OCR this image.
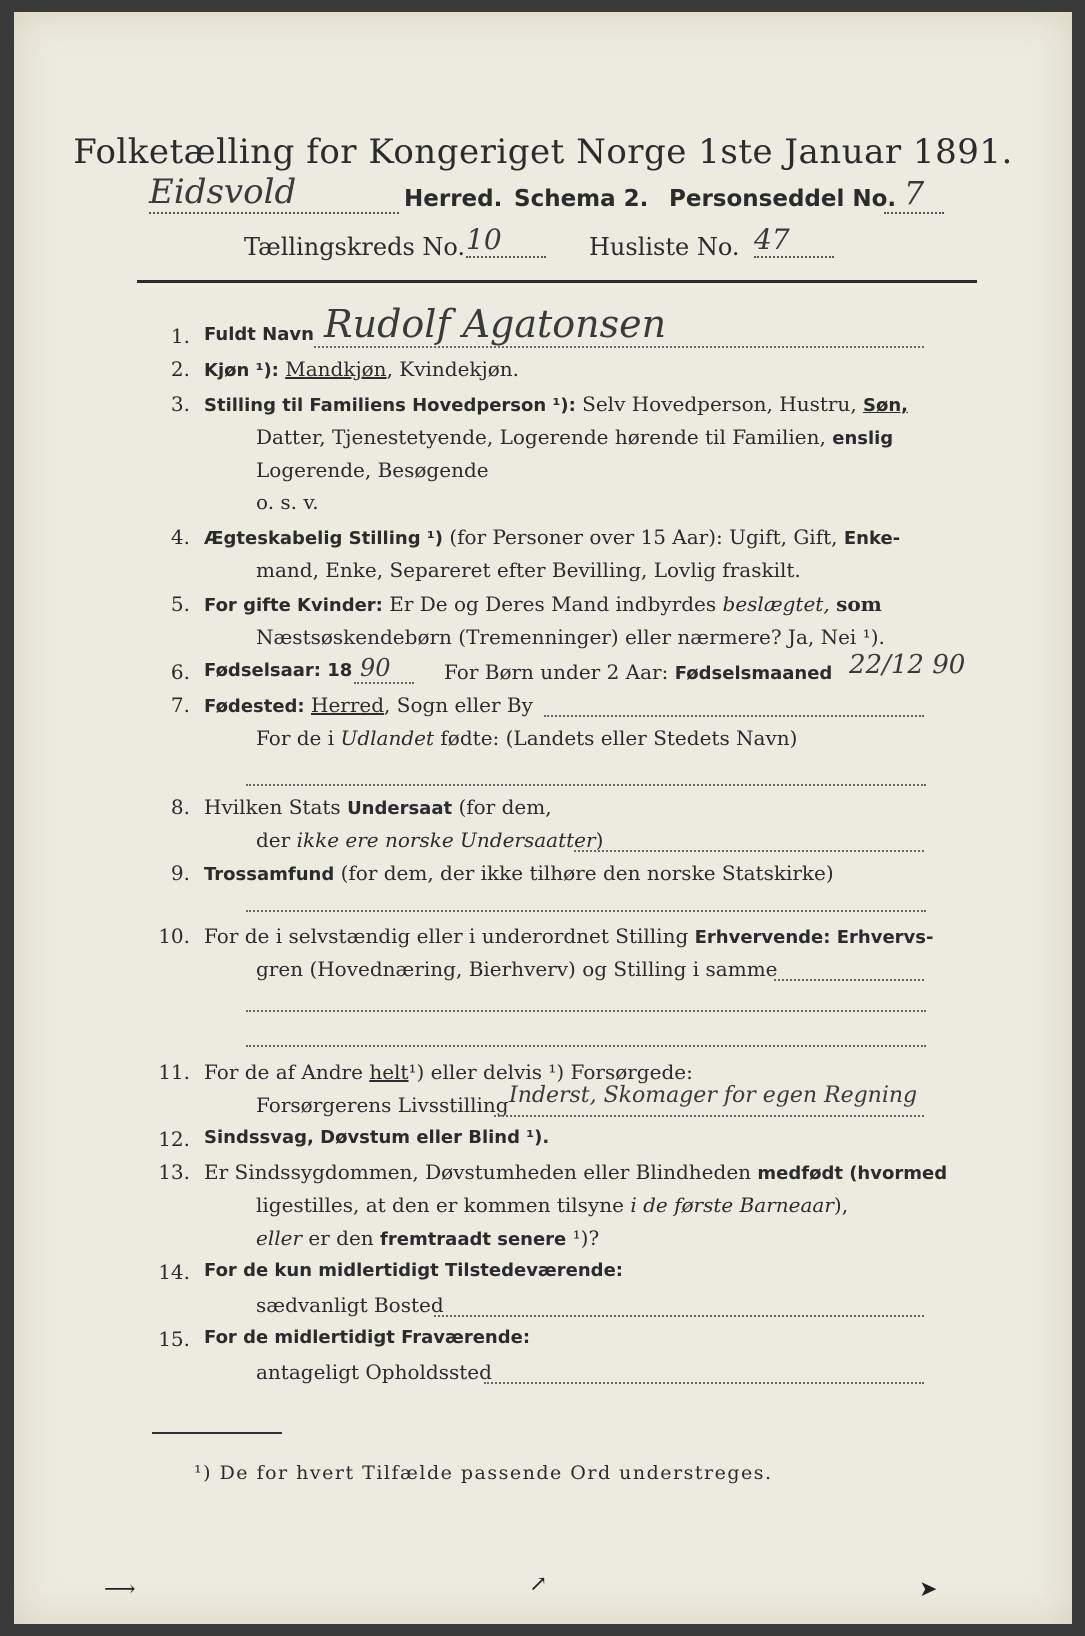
Folketælling for Kongeriget Norge 1ste Januar 1891.
Eidsvold	Herred. Schema 2. Personseddel No. 7
Tællingskreds No. 10	Husliste No. 47
1. Fuldt Navn Rudolf Agatonsen
2. Kjøn ¹): Mandkjøn, Kvindekjøn.
3. Stilling til Familiens Hovedperson ¹): Selv Hovedperson, Hustru, Søn,
Datter, Tjenestetyende, Logerende hørende til Familien, enslig
Logerende, Besøgende
o. s. v.
4. Ægteskabelig Stilling ¹) (for Personer over 15 Aar): Ugift, Gift, Enke-
mand, Enke, Separeret efter Bevilling, Lovlig fraskilt.
5. For gifte Kvinder: Er De og Deres Mand indbyrdes beslægtet, som
Næstsøskendebørn (Tremenninger) eller nærmere? Ja, Nei ¹).
6. Fødselsaar: 18 90	For Børn under 2 Aar: Fødselsmaaned 22/12 90
7. Fødested: Herred, Sogn eller By
For de i Udlandet fødte: (Landets eller Stedets Navn)
8. Hvilken Stats Undersaat (for dem,
der ikke ere norske Undersaatter)
9. Trossamfund (for dem, der ikke tilhøre den norske Statskirke)
10. For de i selvstændig eller i underordnet Stilling Erhvervende: Erhvervs-
gren (Hovednæring, Bierhverv) og Stilling i samme
11. For de af Andre helt¹) eller delvis ¹) Forsørgede:
Forsørgerens Livsstilling Inderst, Skomager for egen Regning
12. Sindssvag, Døvstum eller Blind ¹).
13. Er Sindssygdommen, Døvstumheden eller Blindheden medfødt (hvormed
ligestilles, at den er kommen tilsyne i de første Barneaar),
eller er den fremtraadt senere ¹)?
14. For de kun midlertidigt Tilstedeværende:
sædvanligt Bosted
15. For de midlertidigt Fraværende:
antageligt Opholdssted
¹) De for hvert Tilfælde passende Ord understreges.
⟶	↗	➤
